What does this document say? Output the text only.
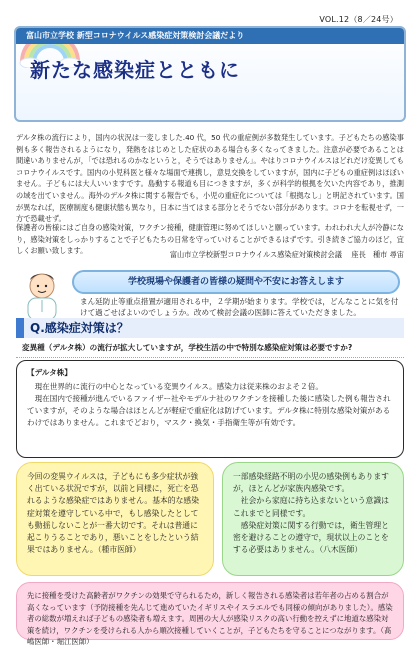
VOL.12（8／24号）
富山市立学校 新型コロナウイルス感染症対策検討会議だより
新たな感染症とともに
デルタ株の流行により，国内の状況は一変しました.40 代，50 代の重症例が多数発生しています。子どもたちの感染事例も多く報告されるようになり，発熱をはじめとした症状のある場合も多くなってきました。注意が必要であることは間違いありませんが，「では恐れるのかなというと，そうではありません」。やはりコロナウイルスはどれだけ変異してもコロナウイルスです。国内の小児科医と様々な場面で連携し，意見交換をしていますが，国内に子どもの重症例はほぼいません。子どもには大人いいますです。島動する報道も目につきますが，多くが科学的根拠を欠いた内容であり，推測の域を出ていません。海外のデルタ株に関する報告でも，小児の重症化については「根拠なし」と明記されています。国が異なれば，医療制度も健康状態も異なり，日本に当てはまる部分とそうでない部分があります。コロナを転視せず，一方で恐載せず。
保護者の皆様にはご自身の感染対策，ワクチン接種，健康管理に努めてほしいと願っています。われわれ大人が冷静になり，感染対策をしっかりすることで子どもたちの日常を守っていけることができるはずです。引き続きご協力のほど，宜しくお願い致します。	富山市立学校新型コロナウイルス感染症対策検討会議　 座長　種市 尋宙
学校現場や保護者の皆様の疑問や不安にお答えします
まん延防止等重点措置が適用される中，２学期が始まります。学校では，どんなことに気を付けて過ごせばよいのでしょうか。改めて検討会議の医師に答えていただきました。
Q.感染症対策は？
変異種（デルタ株）の流行が拡大していますが，学校生活の中で特別な感染症対策は必要ですか?
【デルタ株】
　現在世界的に流行の中心となっている変異ウイルス。感染力は従来株のおよそ２倍。
　現在国内で接種が進んでいるファイザー社やモデルナ社のワクチンを接種した後に感染した例も報告されていますが，そのような場合はほとんどが軽症で重症化は防げています。デルタ株に特別な感染対策があるわけではありません。これまでどおり，マスク・換気・手指衛生等が有効です。
今回の変異ウイルスは，子どもにも多少症状が強く出ている状況ですが，以前と同様に，死亡を恐れるような感染症ではありません。基本的な感染症対策を遵守している中で，もし感染したとしても動揺しないことが一番大切です。それは普通に起こりうることであり，悪いことをしたという結果ではありません。（種市医師）
一部感染経路不明の小児の感染例もありますが，ほとんどが家族内感染です。
　社会から家庭に持ち込まないという意識はこれまでと同様です。
　感染症対策に関する行動では，衛生管理と密を避けることの遵守で，現状以上のことをする必要はありません。（八木医師）
先に接種を受けた高齢者がワクチンの効果で守られるため，新しく報告される感染者は若年者の占める割合が高くなっています（予防接種を先んじて進めていたイギリスやイスラエルでも同様の傾向がありました）。感染者の総数が増えれば子どもの感染者も増えます。周囲の大人が感染リスクの高い行動を控えずに地道な感染対策を続け，ワクチンを受けられる人から順次接種していくことが，子どもたちを守ることにつながります。（髙嶋医師・堀江医師）
